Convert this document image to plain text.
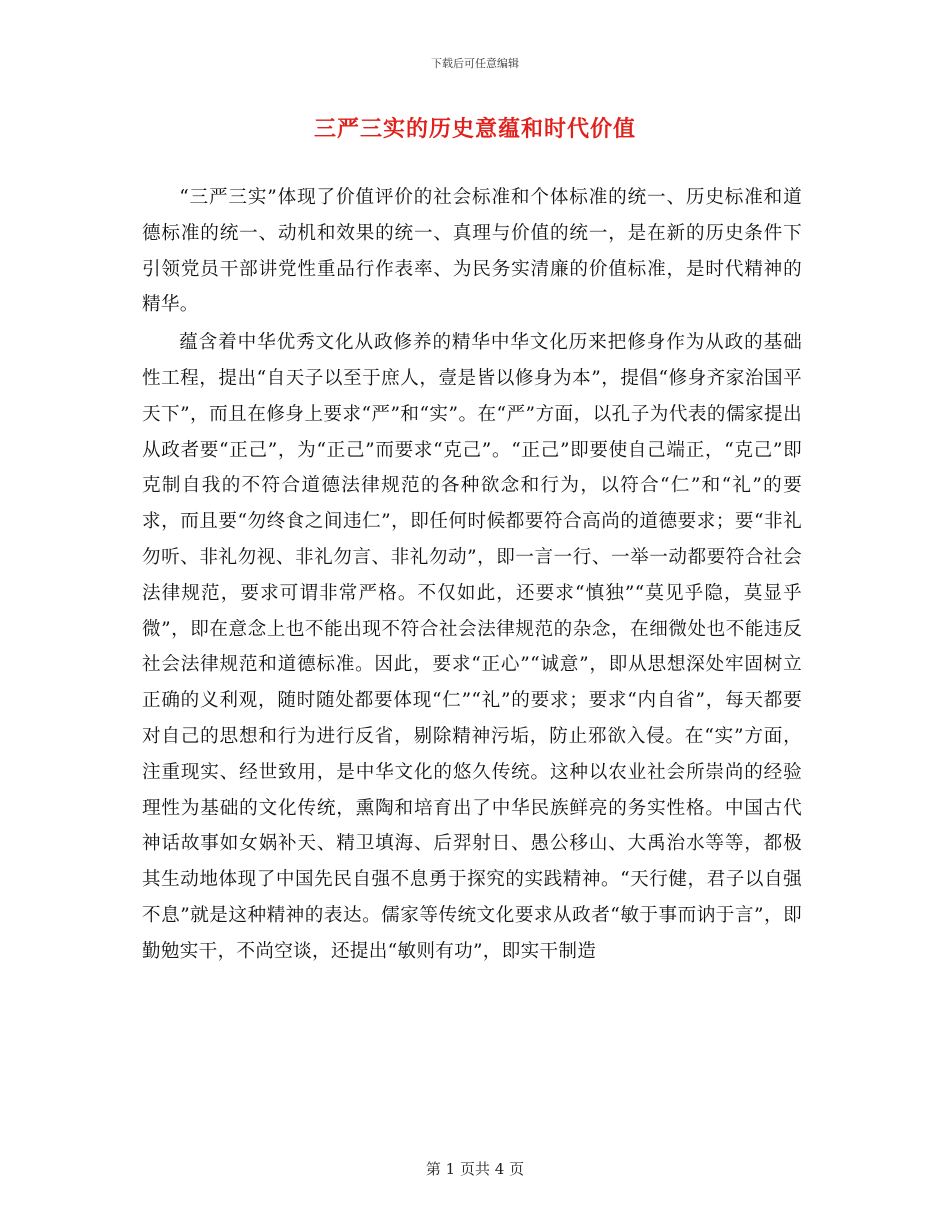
下载后可任意编辑
三严三实的历史意蕴和时代价值

“三严三实”体现了价值评价的社会标准和个体标准的统一、历史标准和道德标准的统一、动机和效果的统一、真理与价值的统一，是在新的历史条件下引领党员干部讲党性重品行作表率、为民务实清廉的价值标准，是时代精神的精华。

蕴含着中华优秀文化从政修养的精华中华文化历来把修身作为从政的基础性工程，提出“自天子以至于庶人，壹是皆以修身为本”，提倡“修身齐家治国平天下”，而且在修身上要求“严”和“实”。在“严”方面，以孔子为代表的儒家提出从政者要“正己”，为“正己”而要求“克己”。“正己”即要使自己端正，“克己”即克制自我的不符合道德法律规范的各种欲念和行为，以符合“仁”和“礼”的要求，而且要“勿终食之间违仁”，即任何时候都要符合高尚的道德要求；要“非礼勿听、非礼勿视、非礼勿言、非礼勿动”，即一言一行、一举一动都要符合社会法律规范，要求可谓非常严格。不仅如此，还要求“慎独”“莫见乎隐，莫显乎微”，即在意念上也不能出现不符合社会法律规范的杂念，在细微处也不能违反社会法律规范和道德标准。因此，要求“正心”“诚意”，即从思想深处牢固树立正确的义利观，随时随处都要体现“仁”“礼”的要求；要求“内自省”，每天都要对自己的思想和行为进行反省，剔除精神污垢，防止邪欲入侵。在“实”方面，注重现实、经世致用，是中华文化的悠久传统。这种以农业社会所崇尚的经验理性为基础的文化传统，熏陶和培育出了中华民族鲜亮的务实性格。中国古代神话故事如女娲补天、精卫填海、后羿射日、愚公移山、大禹治水等等，都极其生动地体现了中国先民自强不息勇于探究的实践精神。“天行健，君子以自强不息”就是这种精神的表达。儒家等传统文化要求从政者“敏于事而讷于言”，即勤勉实干，不尚空谈，还提出“敏则有功”，即实干制造

第 1 页共 4 页
